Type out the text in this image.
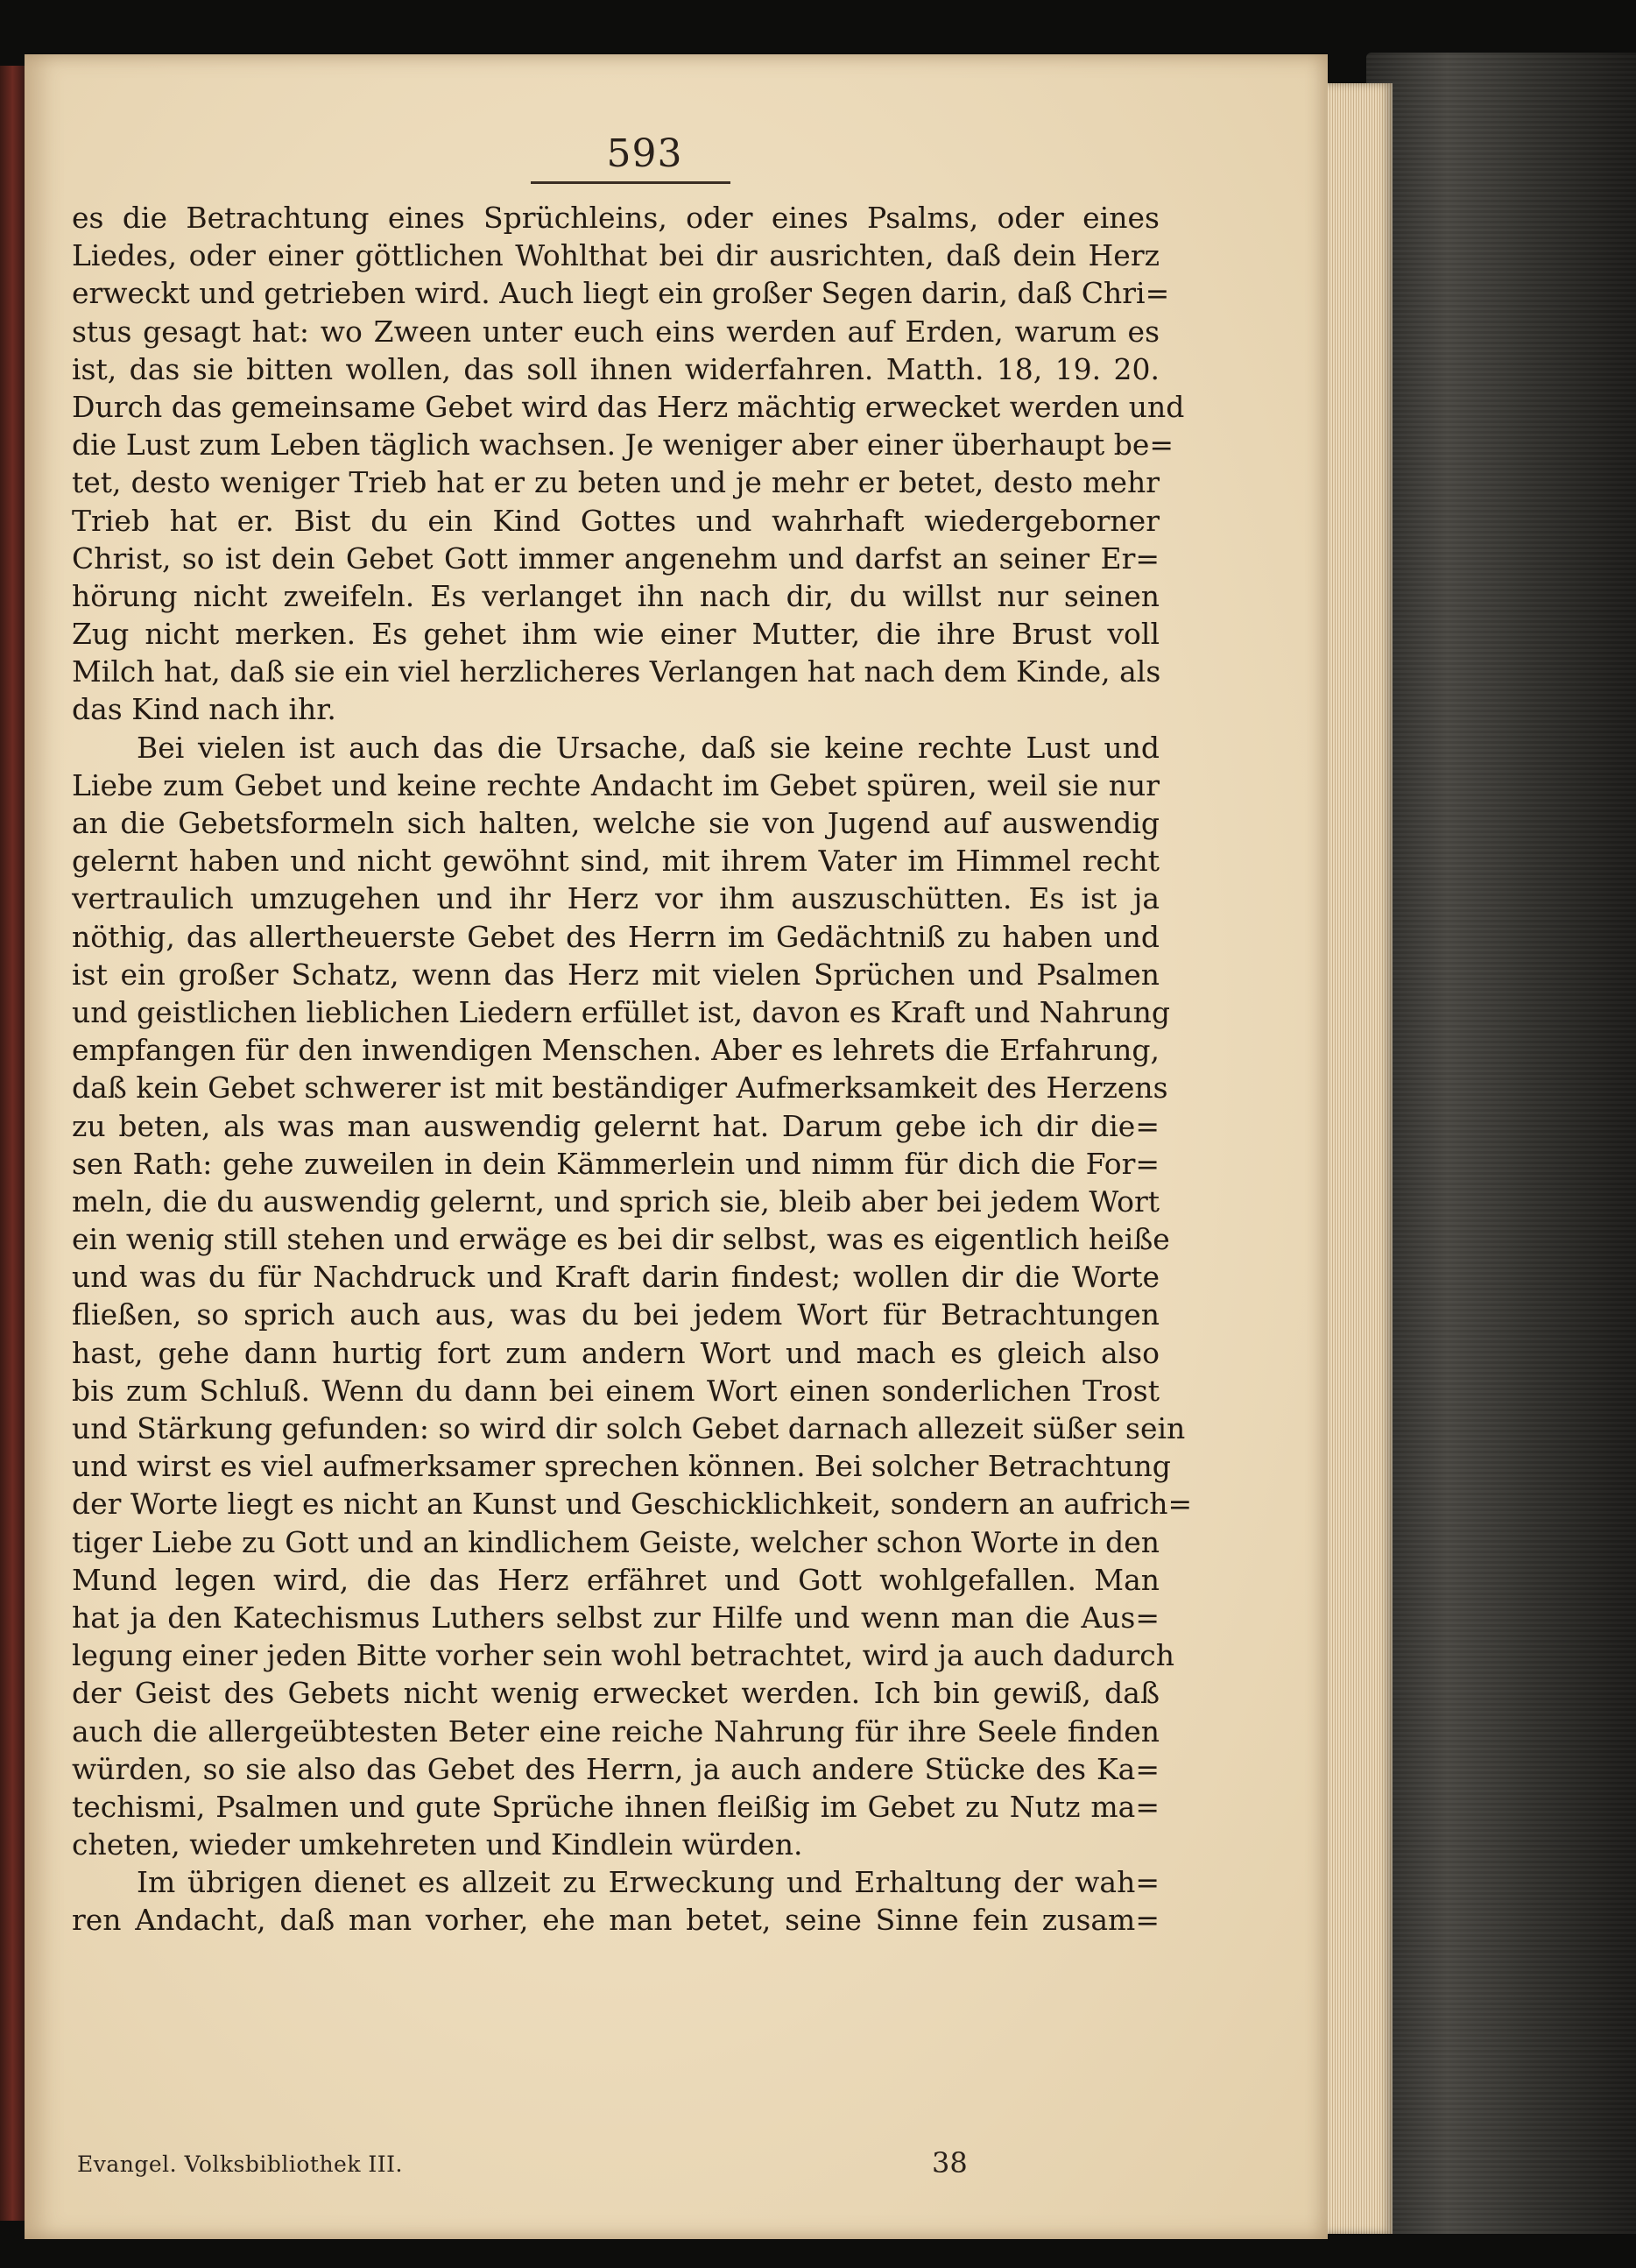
593
es die Betrachtung eines Sprüchleins, oder eines Psalms, oder eines
Liedes, oder einer göttlichen Wohlthat bei dir ausrichten, daß dein Herz
erweckt und getrieben wird. Auch liegt ein großer Segen darin, daß Chri=
stus gesagt hat: wo Zween unter euch eins werden auf Erden, warum es
ist, das sie bitten wollen, das soll ihnen widerfahren. Matth. 18, 19. 20.
Durch das gemeinsame Gebet wird das Herz mächtig erwecket werden und
die Lust zum Leben täglich wachsen. Je weniger aber einer überhaupt be=
tet, desto weniger Trieb hat er zu beten und je mehr er betet, desto mehr
Trieb hat er. Bist du ein Kind Gottes und wahrhaft wiedergeborner
Christ, so ist dein Gebet Gott immer angenehm und darfst an seiner Er=
hörung nicht zweifeln. Es verlanget ihn nach dir, du willst nur seinen
Zug nicht merken. Es gehet ihm wie einer Mutter, die ihre Brust voll
Milch hat, daß sie ein viel herzlicheres Verlangen hat nach dem Kinde, als
das Kind nach ihr.
Bei vielen ist auch das die Ursache, daß sie keine rechte Lust und
Liebe zum Gebet und keine rechte Andacht im Gebet spüren, weil sie nur
an die Gebetsformeln sich halten, welche sie von Jugend auf auswendig
gelernt haben und nicht gewöhnt sind, mit ihrem Vater im Himmel recht
vertraulich umzugehen und ihr Herz vor ihm auszuschütten. Es ist ja
nöthig, das allertheuerste Gebet des Herrn im Gedächtniß zu haben und
ist ein großer Schatz, wenn das Herz mit vielen Sprüchen und Psalmen
und geistlichen lieblichen Liedern erfüllet ist, davon es Kraft und Nahrung
empfangen für den inwendigen Menschen. Aber es lehrets die Erfahrung,
daß kein Gebet schwerer ist mit beständiger Aufmerksamkeit des Herzens
zu beten, als was man auswendig gelernt hat. Darum gebe ich dir die=
sen Rath: gehe zuweilen in dein Kämmerlein und nimm für dich die For=
meln, die du auswendig gelernt, und sprich sie, bleib aber bei jedem Wort
ein wenig still stehen und erwäge es bei dir selbst, was es eigentlich heiße
und was du für Nachdruck und Kraft darin findest; wollen dir die Worte
fließen, so sprich auch aus, was du bei jedem Wort für Betrachtungen
hast, gehe dann hurtig fort zum andern Wort und mach es gleich also
bis zum Schluß. Wenn du dann bei einem Wort einen sonderlichen Trost
und Stärkung gefunden: so wird dir solch Gebet darnach allezeit süßer sein
und wirst es viel aufmerksamer sprechen können. Bei solcher Betrachtung
der Worte liegt es nicht an Kunst und Geschicklichkeit, sondern an aufrich=
tiger Liebe zu Gott und an kindlichem Geiste, welcher schon Worte in den
Mund legen wird, die das Herz erfähret und Gott wohlgefallen. Man
hat ja den Katechismus Luthers selbst zur Hilfe und wenn man die Aus=
legung einer jeden Bitte vorher sein wohl betrachtet, wird ja auch dadurch
der Geist des Gebets nicht wenig erwecket werden. Ich bin gewiß, daß
auch die allergeübtesten Beter eine reiche Nahrung für ihre Seele finden
würden, so sie also das Gebet des Herrn, ja auch andere Stücke des Ka=
techismi, Psalmen und gute Sprüche ihnen fleißig im Gebet zu Nutz ma=
cheten, wieder umkehreten und Kindlein würden.
Im übrigen dienet es allzeit zu Erweckung und Erhaltung der wah=
ren Andacht, daß man vorher, ehe man betet, seine Sinne fein zusam=
Evangel. Volksbibliothek III.	38
